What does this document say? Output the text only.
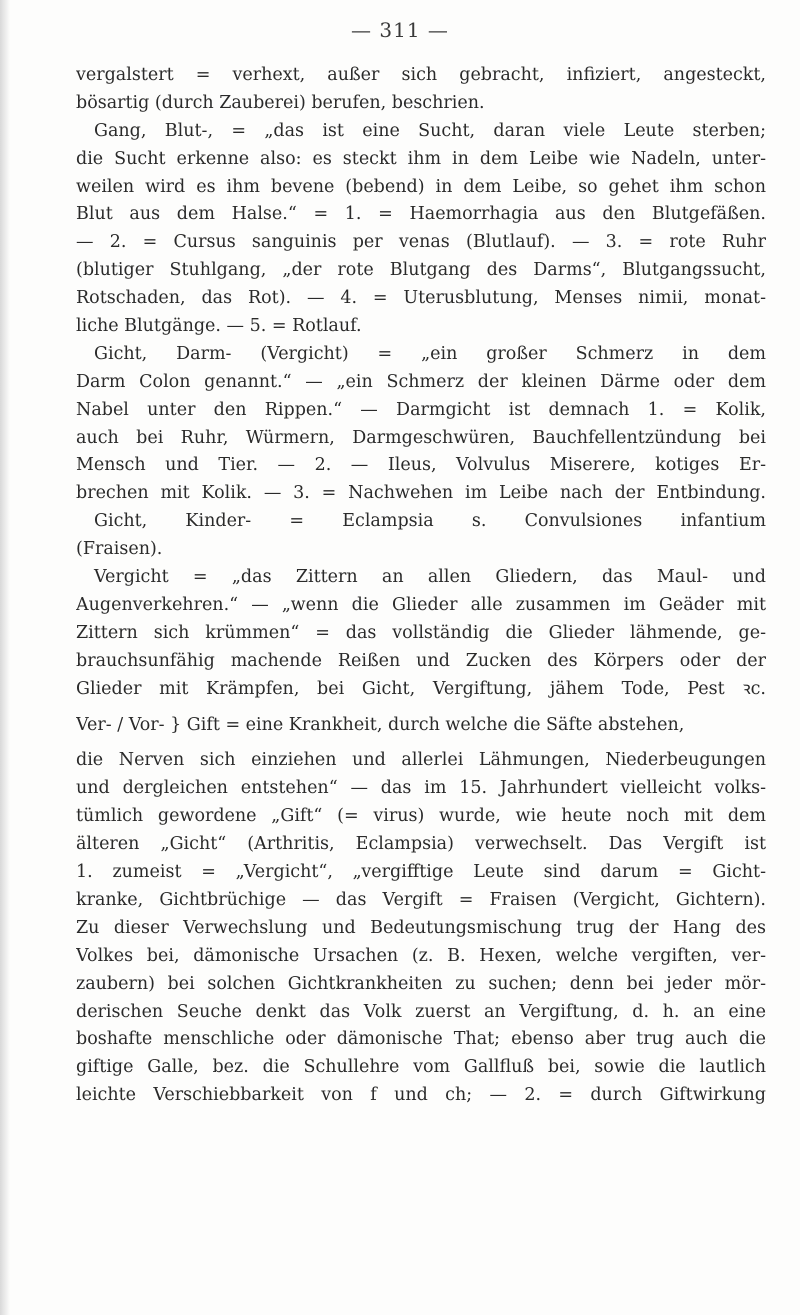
— 311 —
vergalstert = verhext, außer sich gebracht, infiziert, angesteckt,
bösartig (durch Zauberei) berufen, beschrien.
Gang, Blut-, = „das ist eine Sucht, daran viele Leute sterben;
die Sucht erkenne also: es steckt ihm in dem Leibe wie Nadeln, unter-
weilen wird es ihm bevene (bebend) in dem Leibe, so gehet ihm schon
Blut aus dem Halse.“ = 1. = Haemorrhagia aus den Blutgefäßen.
— 2. = Cursus sanguinis per venas (Blutlauf). — 3. = rote Ruhr
(blutiger Stuhlgang, „der rote Blutgang des Darms“, Blutgangssucht,
Rotschaden, das Rot). — 4. = Uterusblutung, Menses nimii, monat-
liche Blutgänge. — 5. = Rotlauf.
Gicht, Darm- (Vergicht) = „ein großer Schmerz in dem
Darm Colon genannt.“ — „ein Schmerz der kleinen Därme oder dem
Nabel unter den Rippen.“ — Darmgicht ist demnach 1. = Kolik,
auch bei Ruhr, Würmern, Darmgeschwüren, Bauchfellentzündung bei
Mensch und Tier. — 2. — Ileus, Volvulus Miserere, kotiges Er-
brechen mit Kolik. — 3. = Nachwehen im Leibe nach der Entbindung.
Gicht, Kinder- = Eclampsia s. Convulsiones infantium
(Fraisen).
Vergicht = „das Zittern an allen Gliedern, das Maul- und
Augenverkehren.“ — „wenn die Glieder alle zusammen im Geäder mit
Zittern sich krümmen“ = das vollständig die Glieder lähmende, ge-
brauchsunfähig machende Reißen und Zucken des Körpers oder der
Glieder mit Krämpfen, bei Gicht, Vergiftung, jähem Tode, Pest ꝛc.
Ver- / Vor- } Gift = eine Krankheit, durch welche die Säfte abstehen,
die Nerven sich einziehen und allerlei Lähmungen, Niederbeugungen
und dergleichen entstehen“ — das im 15. Jahrhundert vielleicht volks-
tümlich gewordene „Gift“ (= virus) wurde, wie heute noch mit dem
älteren „Gicht“ (Arthritis, Eclampsia) verwechselt. Das Vergift ist
1. zumeist = „Vergicht“, „vergifftige Leute sind darum = Gicht-
kranke, Gichtbrüchige — das Vergift = Fraisen (Vergicht, Gichtern).
Zu dieser Verwechslung und Bedeutungsmischung trug der Hang des
Volkes bei, dämonische Ursachen (z. B. Hexen, welche vergiften, ver-
zaubern) bei solchen Gichtkrankheiten zu suchen; denn bei jeder mör-
derischen Seuche denkt das Volk zuerst an Vergiftung, d. h. an eine
boshafte menschliche oder dämonische That; ebenso aber trug auch die
giftige Galle, bez. die Schullehre vom Gallfluß bei, sowie die lautlich
leichte Verschiebbarkeit von f und ch; — 2. = durch Giftwirkung
